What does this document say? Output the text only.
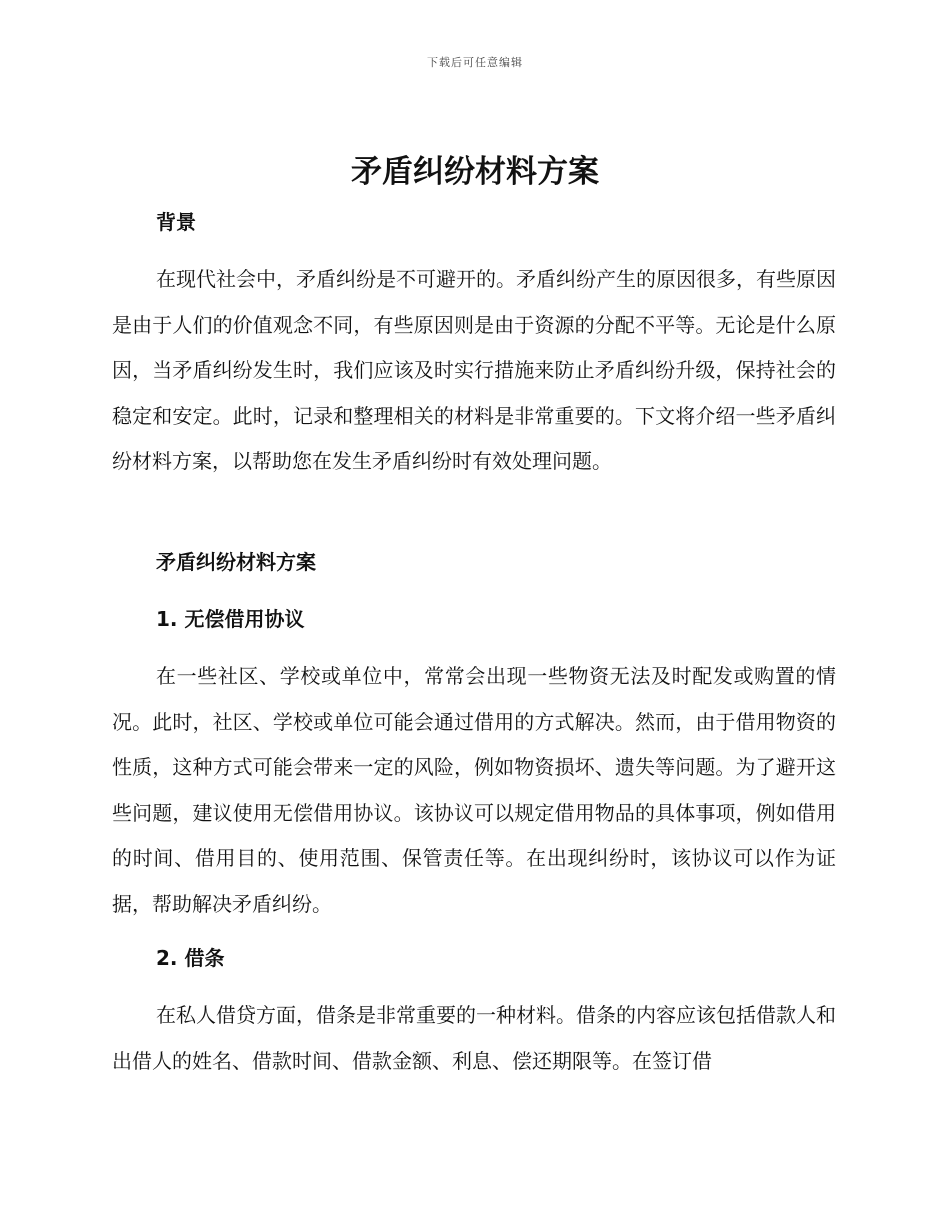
下载后可任意编辑
矛盾纠纷材料方案
背景

在现代社会中，矛盾纠纷是不可避开的。矛盾纠纷产生的原因很多，有些原因是由于人们的价值观念不同，有些原因则是由于资源的分配不平等。无论是什么原因，当矛盾纠纷发生时，我们应该及时实行措施来防止矛盾纠纷升级，保持社会的稳定和安定。此时，记录和整理相关的材料是非常重要的。下文将介绍一些矛盾纠纷材料方案，以帮助您在发生矛盾纠纷时有效处理问题。

矛盾纠纷材料方案
1. 无偿借用协议

在一些社区、学校或单位中，常常会出现一些物资无法及时配发或购置的情况。此时，社区、学校或单位可能会通过借用的方式解决。然而，由于借用物资的性质，这种方式可能会带来一定的风险，例如物资损坏、遗失等问题。为了避开这些问题，建议使用无偿借用协议。该协议可以规定借用物品的具体事项，例如借用的时间、借用目的、使用范围、保管责任等。在出现纠纷时，该协议可以作为证据，帮助解决矛盾纠纷。

2. 借条

在私人借贷方面，借条是非常重要的一种材料。借条的内容应该包括借款人和出借人的姓名、借款时间、借款金额、利息、偿还期限等。在签订借
